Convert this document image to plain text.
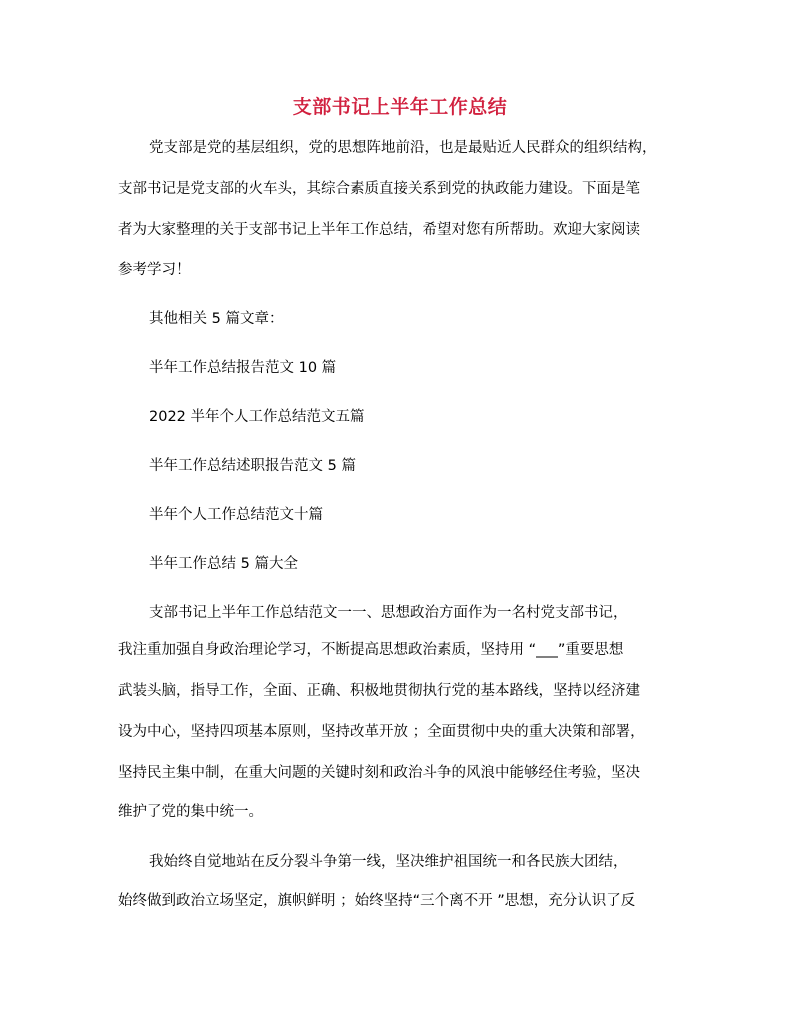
支部书记上半年工作总结

党支部是党的基层组织，党的思想阵地前沿，也是最贴近人民群众的组织结构，

支部书记是党支部的火车头，其综合素质直接关系到党的执政能力建设。下面是笔

者为大家整理的关于支部书记上半年工作总结，希望对您有所帮助。欢迎大家阅读

参考学习！

其他相关 5 篇文章：

半年工作总结报告范文 10 篇

2022 半年个人工作总结范文五篇

半年工作总结述职报告范文 5 篇

半年个人工作总结范文十篇

半年工作总结 5 篇大全

支部书记上半年工作总结范文一一、思想政治方面作为一名村党支部书记，

我注重加强自身政治理论学习，不断提高思想政治素质，坚持用 “___”重要思想

武装头脑，指导工作，全面、正确、积极地贯彻执行党的基本路线，坚持以经济建

设为中心，坚持四项基本原则，坚持改革开放 ；全面贯彻中央的重大决策和部署，

坚持民主集中制，在重大问题的关键时刻和政治斗争的风浪中能够经住考验，坚决

维护了党的集中统一。

我始终自觉地站在反分裂斗争第一线，坚决维护祖国统一和各民族大团结，

始终做到政治立场坚定，旗帜鲜明 ；始终坚持“三个离不开 ”思想，充分认识了反
